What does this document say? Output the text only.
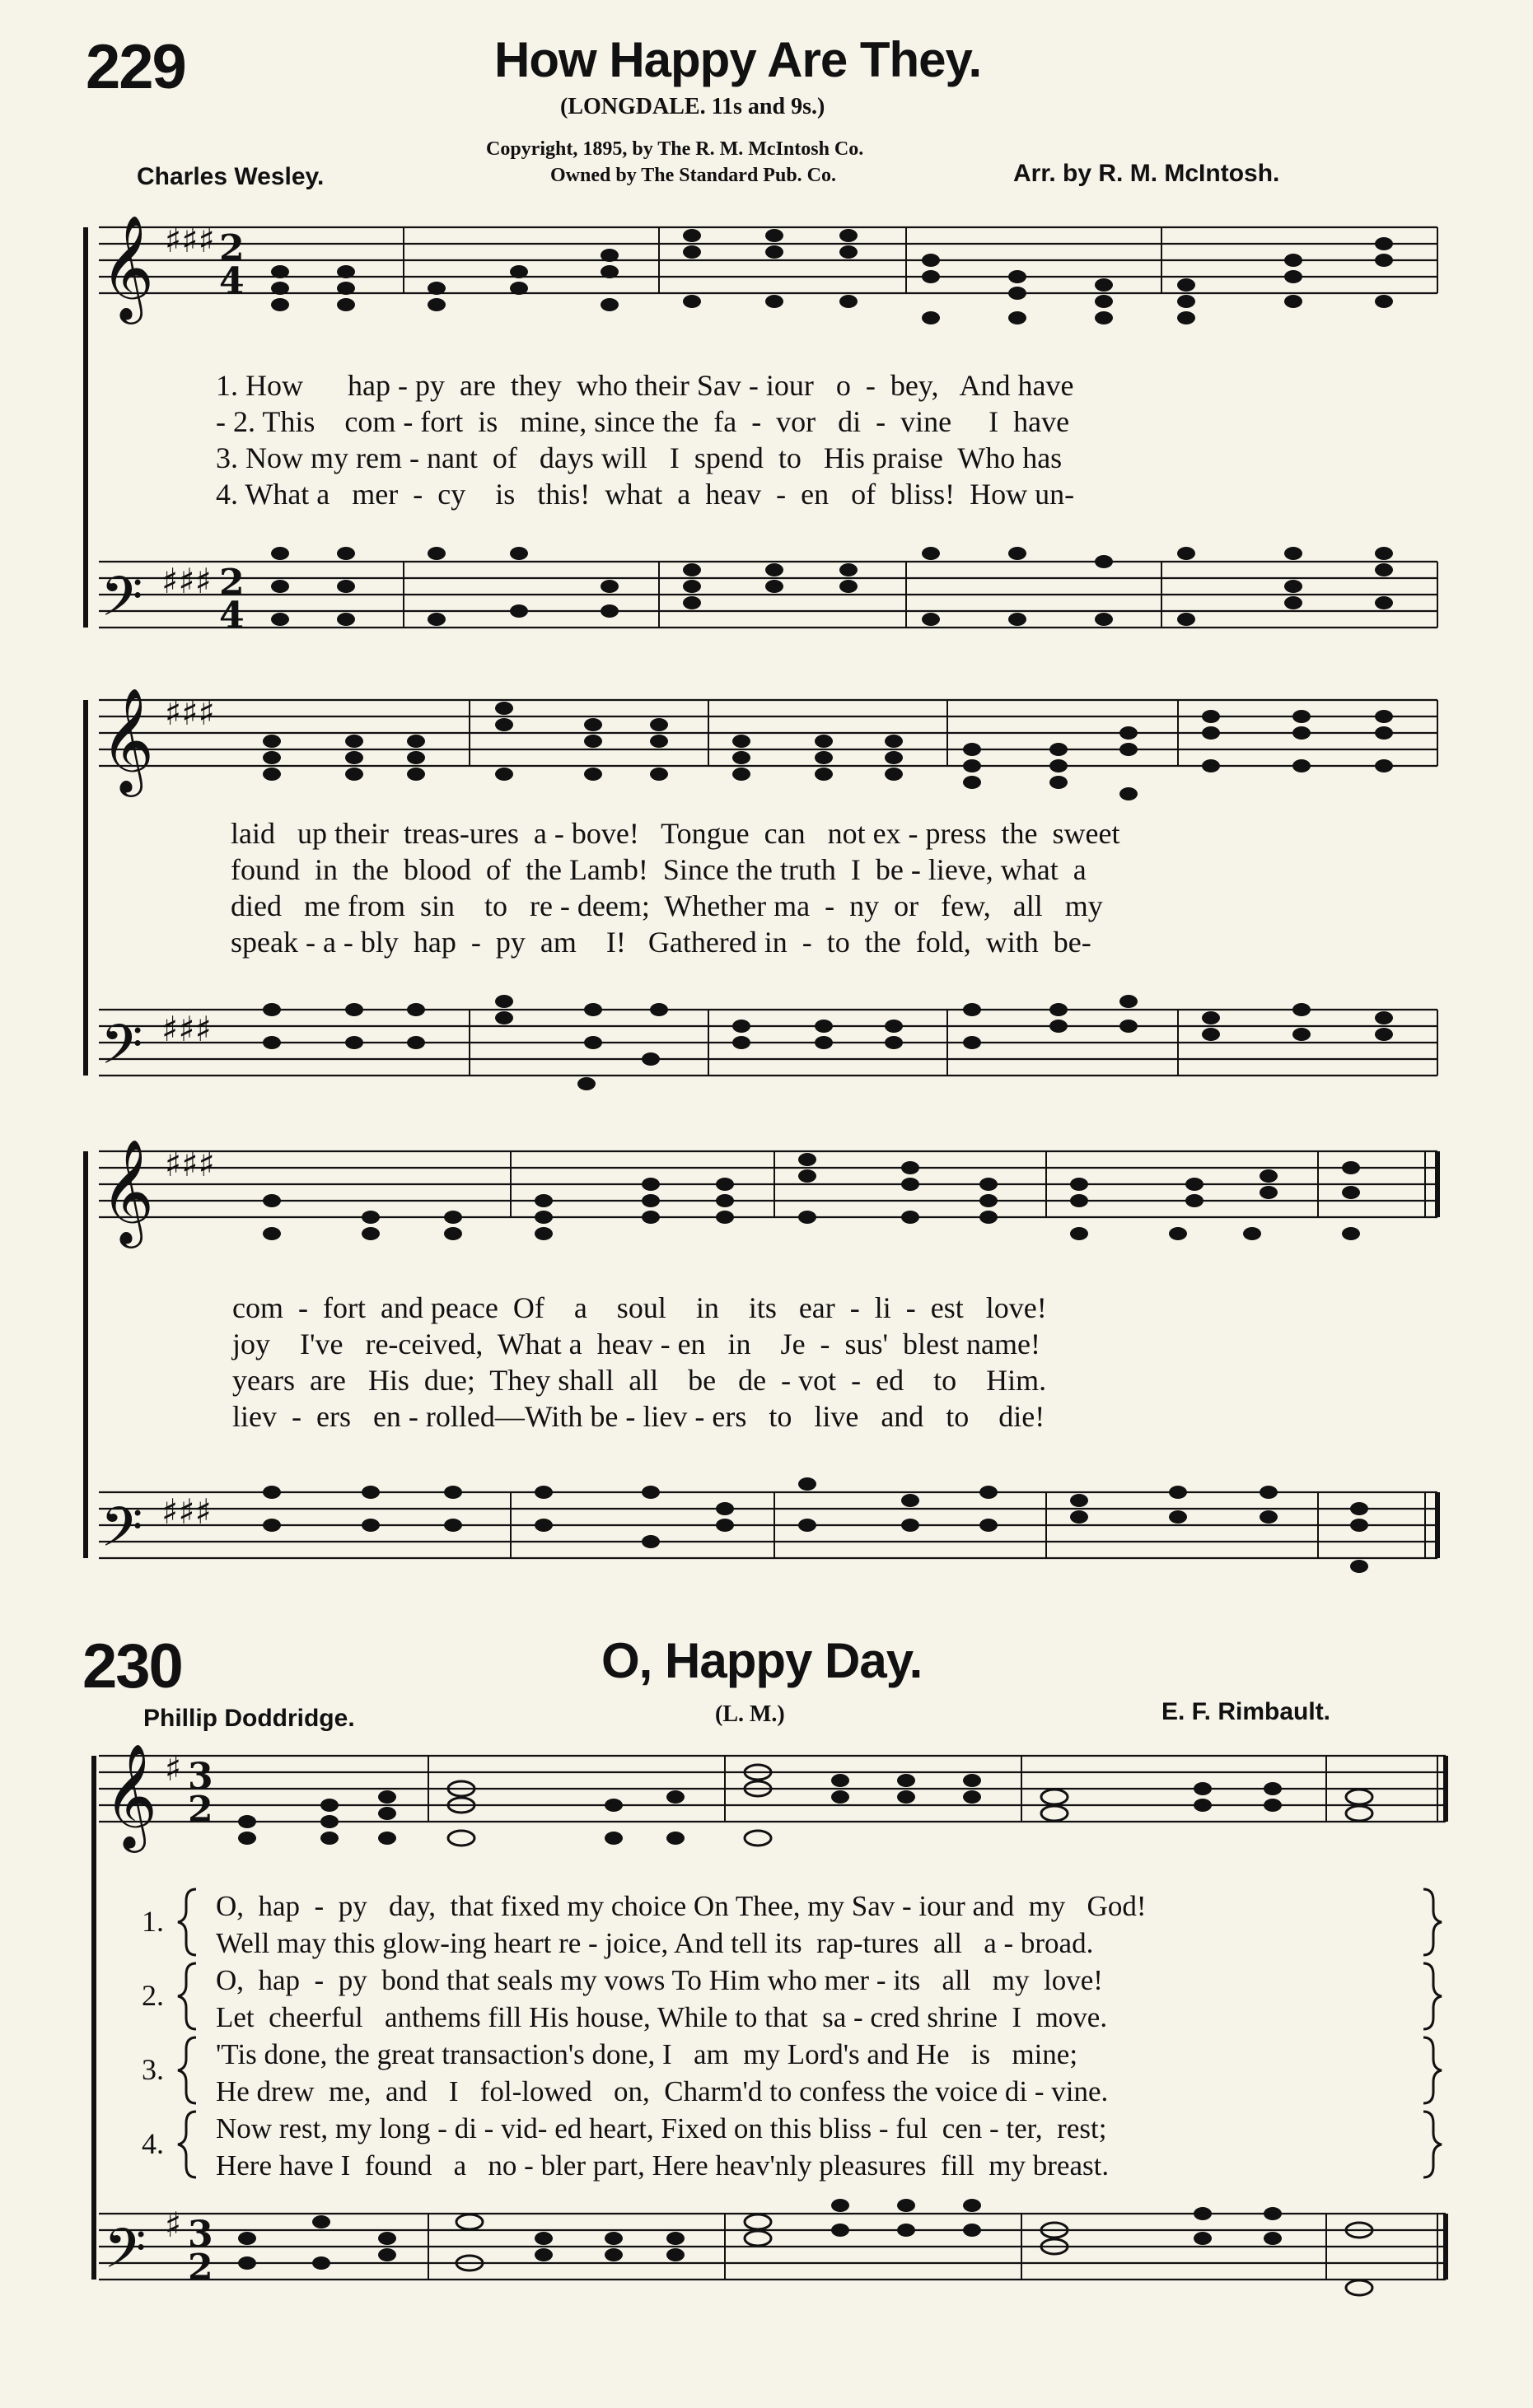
229	How Happy Are They.
(LONGDALE. 11s and 9s.)
Copyright, 1895, by The R. M. McIntosh Co.
Owned by The Standard Pub. Co.
Charles Wesley.	Arr. by R. M. McIntosh.
𝄞
𝄢
𝄞
𝄢
𝄞
𝄢
𝄞
𝄢
♯♯♯
♯♯♯
♯♯♯
♯♯♯
♯♯♯
♯♯♯
♯
♯
2
4
2
4
3
2
3
2
1. How      hap - py  are  they  who their Sav - iour   o  -  bey,   And have
- 2. This    com - fort  is   mine, since the  fa  -  vor   di  -  vine     I  have
3. Now my rem - nant  of   days will   I  spend  to   His praise  Who has
4. What a   mer  -  cy    is   this!  what  a  heav  -  en   of  bliss!  How un-
laid   up their  treas-ures  a - bove!   Tongue  can   not ex - press  the  sweet
found  in  the  blood  of  the Lamb!  Since the truth  I  be - lieve, what  a
died   me from  sin    to   re - deem;  Whether ma  -  ny  or   few,   all   my
speak - a - bly  hap  -  py  am    I!   Gathered in  -  to  the  fold,  with  be-
com  -  fort  and peace  Of    a    soul    in    its   ear  -  li  -  est   love!
joy    I've   re-ceived,  What a  heav - en   in    Je  -  sus'  blest name!
years  are   His  due;  They shall  all    be   de  - vot  -  ed    to    Him.
liev  -  ers   en - rolled—With be - liev - ers   to   live   and   to    die!
230	O, Happy Day.
(L. M.)
Phillip Doddridge.	E. F. Rimbault.
1.
2.
3.
4.
O,  hap  -  py   day,  that fixed my choice On Thee, my Sav - iour and  my   God!
Well may this glow-ing heart re - joice, And tell its  rap-tures  all   a - broad.
O,  hap  -  py  bond that seals my vows To Him who mer - its   all   my  love!
Let  cheerful   anthems fill His house, While to that  sa - cred shrine  I  move.
'Tis done, the great transaction's done, I   am  my Lord's and He   is   mine;
He drew  me,  and   I   fol-lowed   on,  Charm'd to confess the voice di - vine.
Now rest, my long - di - vid- ed heart, Fixed on this bliss - ful  cen - ter,  rest;
Here have I  found   a   no - bler part, Here heav'nly pleasures  fill  my breast.
